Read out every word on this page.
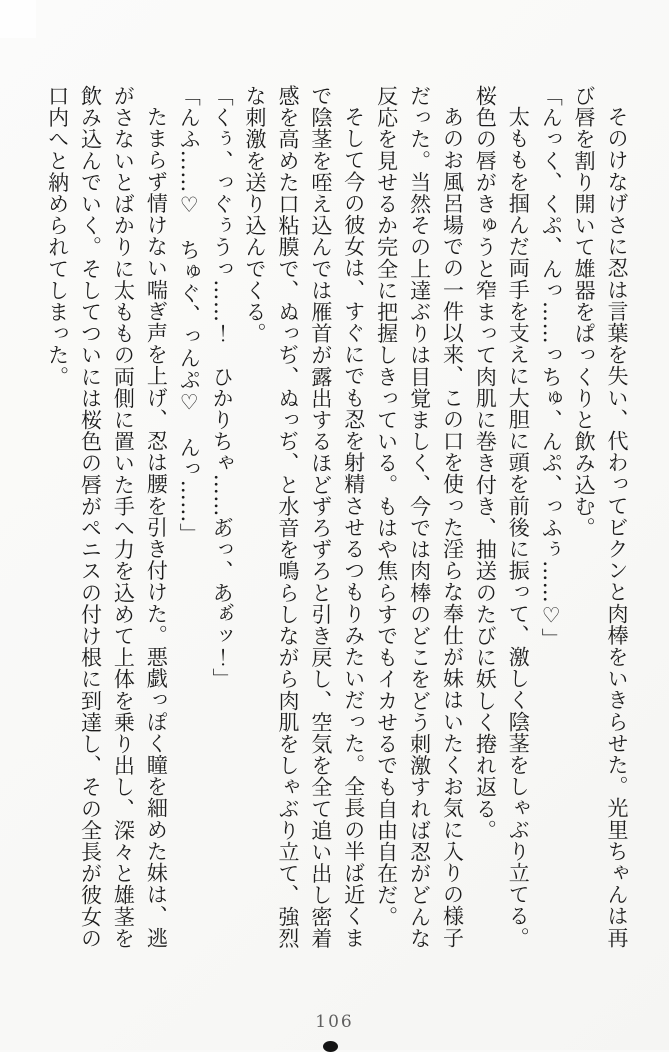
そのけなげさに忍は言葉を失い、代わってビクンと肉棒をいきらせた。光里ちゃんは再び唇を割り開いて雄器をぱっくりと飲み込む。

「んっく、くぷ、んっ……っちゅ、んぷ、っふぅ……♡」

太ももを掴んだ両手を支えに大胆に頭を前後に振って、激しく陰茎をしゃぶり立てる。桜色の唇がきゅうと窄まって肉肌に巻き付き、抽送のたびに妖しく捲れ返る。

あのお風呂場での一件以来、この口を使った淫らな奉仕が妹はいたくお気に入りの様子だった。当然その上達ぶりは目覚ましく、今では肉棒のどこをどう刺激すれば忍がどんな反応を見せるか完全に把握しきっている。もはや焦らすでもイカせるでも自由自在だ。

そして今の彼女は、すぐにでも忍を射精させるつもりみたいだった。全長の半ば近くまで陰茎を咥え込んでは雁首が露出するほどずろずろと引き戻し、空気を全て追い出し密着感を高めた口粘膜で、ぬっぢ、ぬっぢ、と水音を鳴らしながら肉肌をしゃぶり立て、強烈な刺激を送り込んでくる。

「くぅ、っぐぅうっ……！　ひかりちゃ……あ゙っ、あぁ゙ッ！」

「んふ……♡　ちゅぐ、っんぷ♡　んっ……」

たまらず情けない喘ぎ声を上げ、忍は腰を引き付けた。悪戯っぽく瞳を細めた妹は、逃がさないとばかりに太ももの両側に置いた手へ力を込めて上体を乗り出し、深々と雄茎を飲み込んでいく。そしてついには桜色の唇がペニスの付け根に到達し、その全長が彼女の口内へと納められてしまった。

106
